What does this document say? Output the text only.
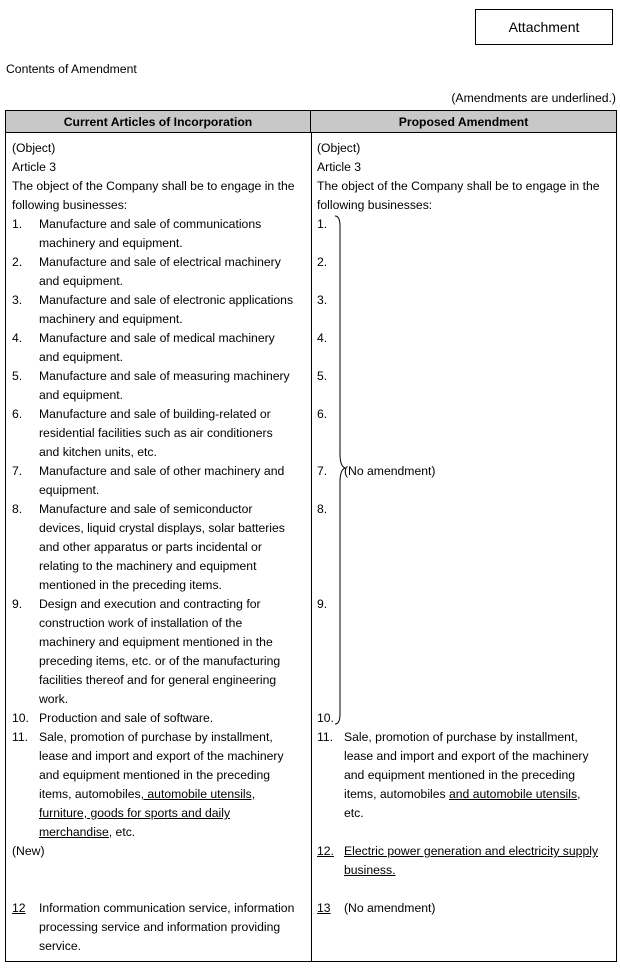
Attachment
Contents of Amendment
(Amendments are underlined.)
Current Articles of Incorporation	Proposed Amendment
(Object)
Article 3
The object of the Company shall be to engage in the
following businesses:
1. Manufacture and sale of communications
machinery and equipment.
2. Manufacture and sale of electrical machinery
and equipment.
3. Manufacture and sale of electronic applications
machinery and equipment.
4. Manufacture and sale of medical machinery
and equipment.
5. Manufacture and sale of measuring machinery
and equipment.
6. Manufacture and sale of building-related or
residential facilities such as air conditioners
and kitchen units, etc.
7. Manufacture and sale of other machinery and
equipment.
8. Manufacture and sale of semiconductor
devices, liquid crystal displays, solar batteries
and other apparatus or parts incidental or
relating to the machinery and equipment
mentioned in the preceding items.
9. Design and execution and contracting for
construction work of installation of the
machinery and equipment mentioned in the
preceding items, etc. or of the manufacturing
facilities thereof and for general engineering
work.
10. Production and sale of software.
11. Sale, promotion of purchase by installment,
lease and import and export of the machinery
and equipment mentioned in the preceding
items, automobiles, automobile utensils,
furniture, goods for sports and daily
merchandise, etc.
(New)
12 Information communication service, information
processing service and information providing
service.
(Object)
Article 3
The object of the Company shall be to engage in the
following businesses:
1.
2.
3.
4.
5.
6.
7.
8.
9.
10.
(No amendment)
11. Sale, promotion of purchase by installment,
lease and import and export of the machinery
and equipment mentioned in the preceding
items, automobiles and automobile utensils,
etc.
12. Electric power generation and electricity supply
business.
13 (No amendment)
